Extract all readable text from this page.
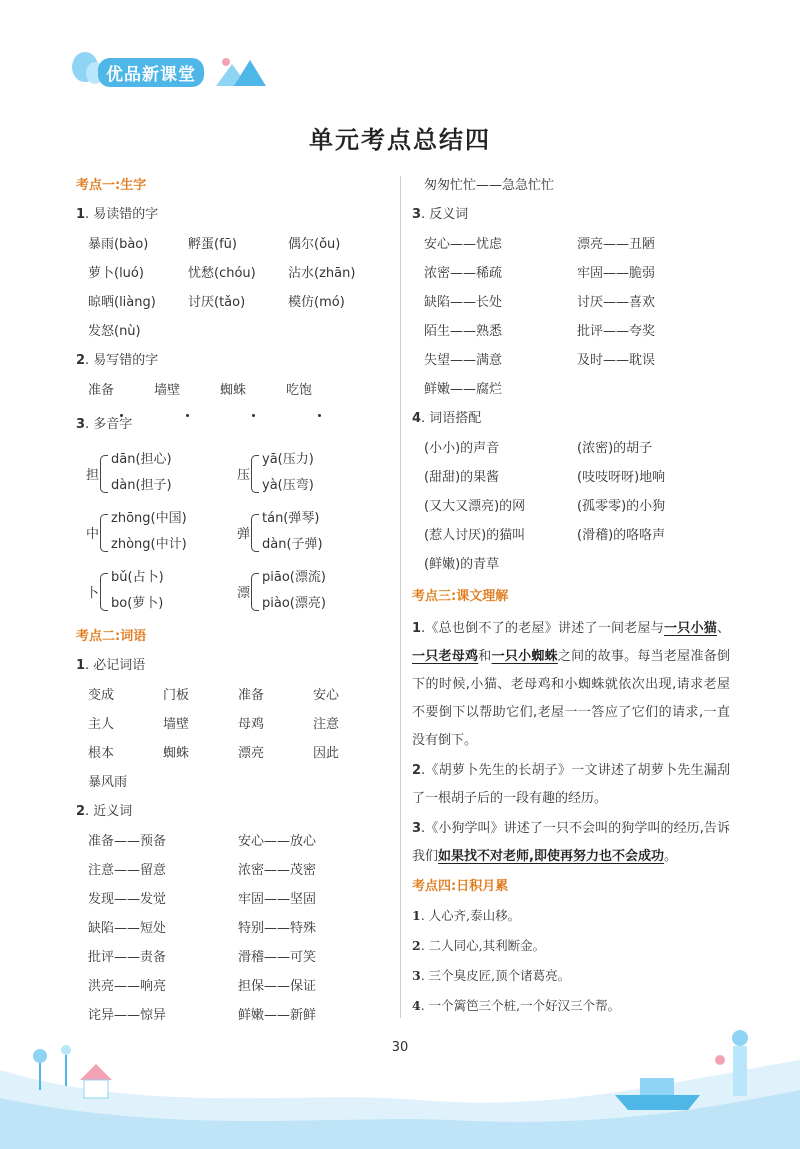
优品新课堂
单元考点总结四
考点一:生字
1. 易读错的字
暴雨(bào)	孵蛋(fū)	偶尔(ǒu)
萝卜(luó)	忧愁(chóu)	沾水(zhān)
晾晒(liàng)	讨厌(tǎo)	模仿(mó)
发怒(nù)
2. 易写错的字
准备	墙壁	蜘蛛	吃饱
3. 多音字
担
dān(担心)
dàn(担子)
压
yā(压力)
yà(压弯)
中
zhōng(中国)
zhòng(中计)
弹
tán(弹琴)
dàn(子弹)
卜
bǔ(占卜)
bo(萝卜)
漂
piāo(漂流)
piào(漂亮)
考点二:词语
1. 必记词语
变成	门板	准备	安心
主人	墙壁	母鸡	注意
根本	蜘蛛	漂亮	因此
暴风雨
2. 近义词
准备——预备	安心——放心
注意——留意	浓密——茂密
发现——发觉	牢固——坚固
缺陷——短处	特别——特殊
批评——责备	滑稽——可笑
洪亮——响亮	担保——保证
诧异——惊异	鲜嫩——新鲜
匆匆忙忙——急急忙忙
3. 反义词
安心——忧虑	漂亮——丑陋
浓密——稀疏	牢固——脆弱
缺陷——长处	讨厌——喜欢
陌生——熟悉	批评——夸奖
失望——满意	及时——耽误
鲜嫩——腐烂
4. 词语搭配
(小小)的声音	(浓密)的胡子
(甜甜)的果酱	(吱吱呀呀)地响
(又大又漂亮)的网	(孤零零)的小狗
(惹人讨厌)的猫叫	(滑稽)的咯咯声
(鲜嫩)的青草
考点三:课文理解
1.《总也倒不了的老屋》讲述了一间老屋与一只小猫、一只老母鸡和一只小蜘蛛之间的故事。每当老屋准备倒下的时候,小猫、老母鸡和小蜘蛛就依次出现,请求老屋不要倒下以帮助它们,老屋一一答应了它们的请求,一直没有倒下。
2.《胡萝卜先生的长胡子》一文讲述了胡萝卜先生漏刮了一根胡子后的一段有趣的经历。
3.《小狗学叫》讲述了一只不会叫的狗学叫的经历,告诉我们如果找不对老师,即使再努力也不会成功。
考点四:日积月累
1. 人心齐,泰山移。
2. 二人同心,其利断金。
3. 三个臭皮匠,顶个诸葛亮。
4. 一个篱笆三个桩,一个好汉三个帮。
30
